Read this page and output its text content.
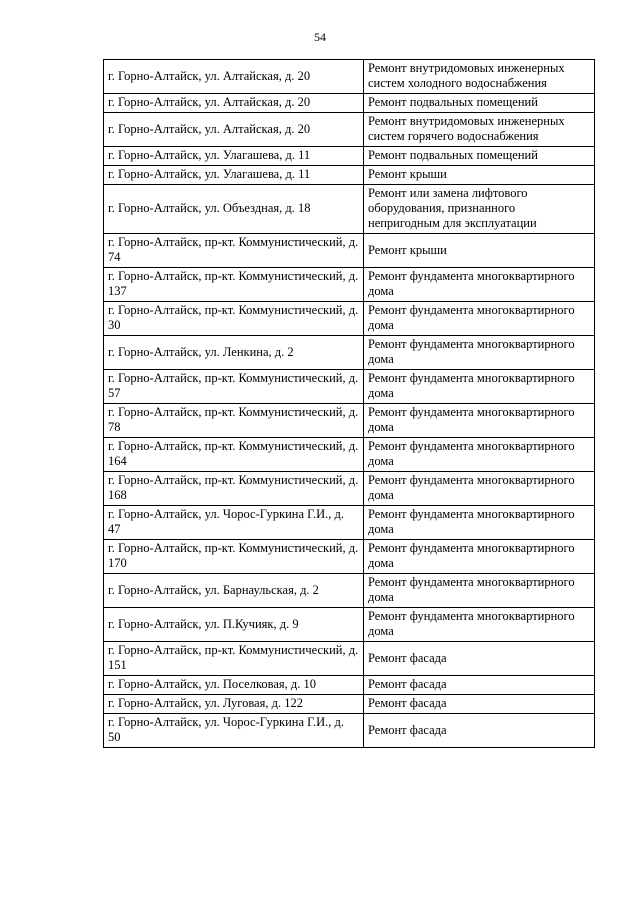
54
г. Горно-Алтайск, ул. Алтайская, д. 20	Ремонт внутридомовых инженерных систем холодного водоснабжения
г. Горно-Алтайск, ул. Алтайская, д. 20	Ремонт подвальных помещений
г. Горно-Алтайск, ул. Алтайская, д. 20	Ремонт внутридомовых инженерных систем горячего водоснабжения
г. Горно-Алтайск, ул. Улагашева, д. 11	Ремонт подвальных помещений
г. Горно-Алтайск, ул. Улагашева, д. 11	Ремонт крыши
г. Горно-Алтайск, ул. Объездная, д. 18	Ремонт или замена лифтового оборудования, признанного непригодным для эксплуатации
г. Горно-Алтайск, пр-кт. Коммунистический, д. 74	Ремонт крыши
г. Горно-Алтайск, пр-кт. Коммунистический, д. 137	Ремонт фундамента многоквартирного дома
г. Горно-Алтайск, пр-кт. Коммунистический, д. 30	Ремонт фундамента многоквартирного дома
г. Горно-Алтайск, ул. Ленкина, д. 2	Ремонт фундамента многоквартирного дома
г. Горно-Алтайск, пр-кт. Коммунистический, д. 57	Ремонт фундамента многоквартирного дома
г. Горно-Алтайск, пр-кт. Коммунистический, д. 78	Ремонт фундамента многоквартирного дома
г. Горно-Алтайск, пр-кт. Коммунистический, д. 164	Ремонт фундамента многоквартирного дома
г. Горно-Алтайск, пр-кт. Коммунистический, д. 168	Ремонт фундамента многоквартирного дома
г. Горно-Алтайск, ул. Чорос-Гуркина Г.И., д. 47	Ремонт фундамента многоквартирного дома
г. Горно-Алтайск, пр-кт. Коммунистический, д. 170	Ремонт фундамента многоквартирного дома
г. Горно-Алтайск, ул. Барнаульская, д. 2	Ремонт фундамента многоквартирного дома
г. Горно-Алтайск, ул. П.Кучияк, д. 9	Ремонт фундамента многоквартирного дома
г. Горно-Алтайск, пр-кт. Коммунистический, д. 151	Ремонт фасада
г. Горно-Алтайск, ул. Поселковая, д. 10	Ремонт фасада
г. Горно-Алтайск, ул. Луговая, д. 122	Ремонт фасада
г. Горно-Алтайск, ул. Чорос-Гуркина Г.И., д. 50	Ремонт фасада
